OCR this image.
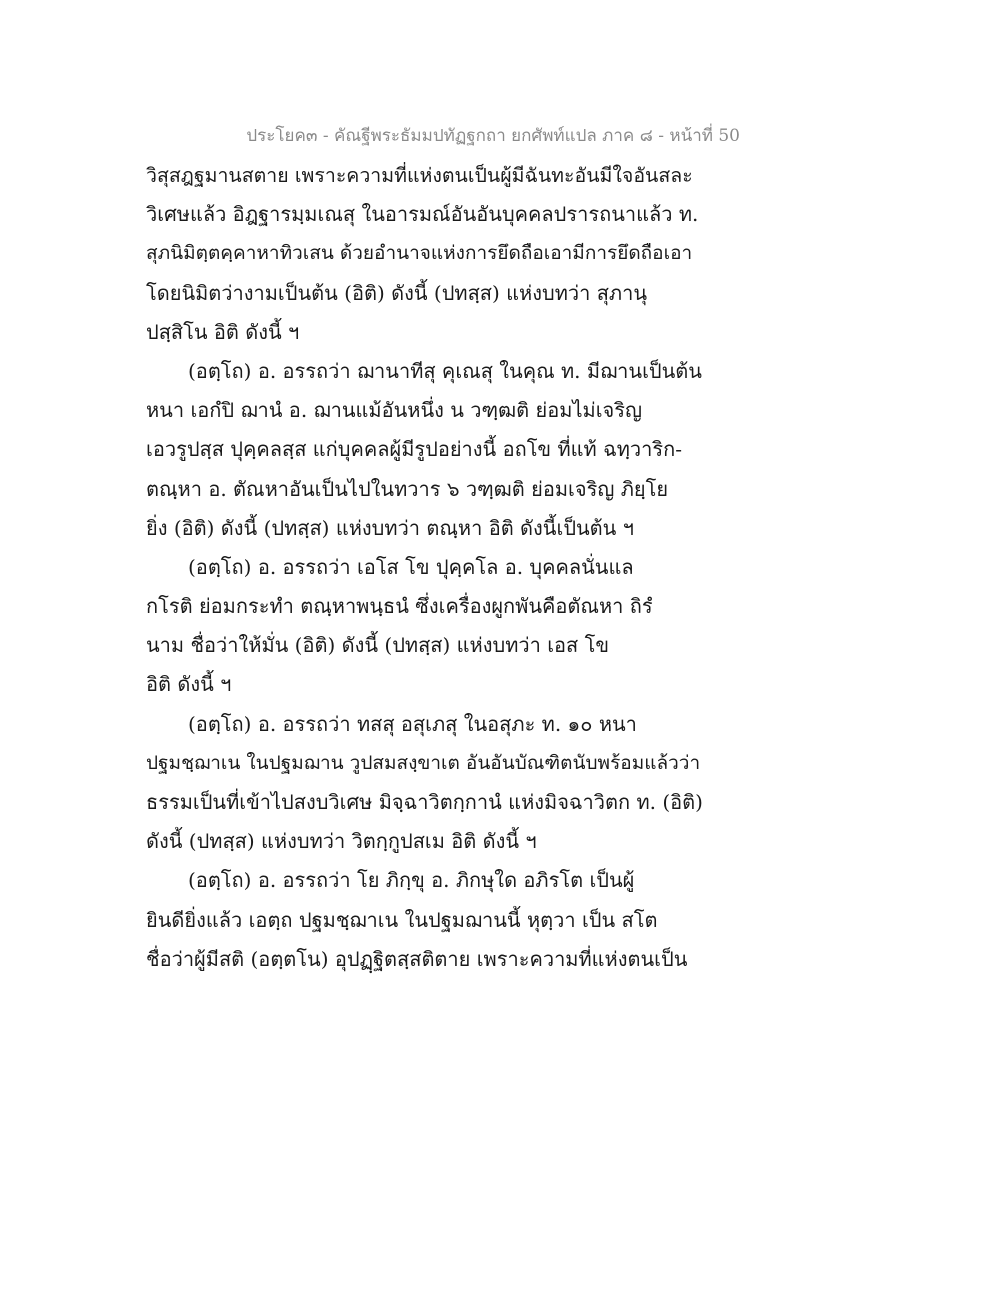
ประโยค๓ - คัณฐีพระธัมมปทัฏฐกถา ยกศัพท์แปล ภาค ๘ - หน้าที่ 50
วิสุสฎฐมานสตาย เพราะความที่แห่งตนเป็นผู้มีฉันทะอันมีใจอันสละ
วิเศษแล้ว อิฎฐารมฺมเณสุ ในอารมณ์อันอันบุคคลปรารถนาแล้ว ท.
สุภนิมิตฺตคฺคาหาทิวเสน ด้วยอำนาจแห่งการยึดถือเอามีการยึดถือเอา
โดยนิมิตว่างามเป็นต้น (อิติ) ดังนี้ (ปทสฺส) แห่งบทว่า สุภานุ
ปสฺสิโน อิติ ดังนี้ ฯ
(อตฺโถ) อ. อรรถว่า ฌานาทีสุ คุเณสุ ในคุณ ท. มีฌานเป็นต้น
หนา เอกํปิ ฌานํ อ. ฌานแม้อันหนึ่ง น วฑฺฒติ ย่อมไม่เจริญ
เอวรูปสฺส ปุคฺคลสฺส แก่บุคคลผู้มีรูปอย่างนี้ อถโข ที่แท้ ฉทฺวาริก-
ตณฺหา อ. ตัณหาอันเป็นไปในทวาร ๖ วฑฺฒติ ย่อมเจริญ ภิยฺโย
ยิ่ง (อิติ) ดังนี้ (ปทสฺส) แห่งบทว่า ตณฺหา อิติ ดังนี้เป็นต้น ฯ
(อตฺโถ) อ. อรรถว่า เอโส โข ปุคฺคโล อ. บุคคลนั่นแล
กโรติ ย่อมกระทำ ตณฺหาพนฺธนํ ซึ่งเครื่องผูกพันคือตัณหา ถิรํ
นาม ชื่อว่าให้มั่น (อิติ) ดังนี้ (ปทสฺส) แห่งบทว่า เอส โข
อิติ ดังนี้ ฯ
(อตฺโถ) อ. อรรถว่า ทสสุ อสุเภสุ ในอสุภะ ท. ๑๐ หนา
ปฐมชฺฌาเน ในปฐมฌาน วูปสมสงฺขาเต อันอันบัณฑิตนับพร้อมแล้วว่า
ธรรมเป็นที่เข้าไปสงบวิเศษ มิจฺฉาวิตกฺกานํ แห่งมิจฉาวิตก ท. (อิติ)
ดังนี้ (ปทสฺส) แห่งบทว่า วิตกฺกูปสเม อิติ ดังนี้ ฯ
(อตฺโถ) อ. อรรถว่า โย ภิกฺขุ อ. ภิกษุใด อภิรโต เป็นผู้
ยินดียิ่งแล้ว เอตฺถ ปฐมชฺฌาเน ในปฐมฌานนี้ หุตฺวา เป็น สโต
ชื่อว่าผู้มีสติ (อตฺตโน) อุปฏฺฐิตสฺสติตาย เพราะความที่แห่งตนเป็น
